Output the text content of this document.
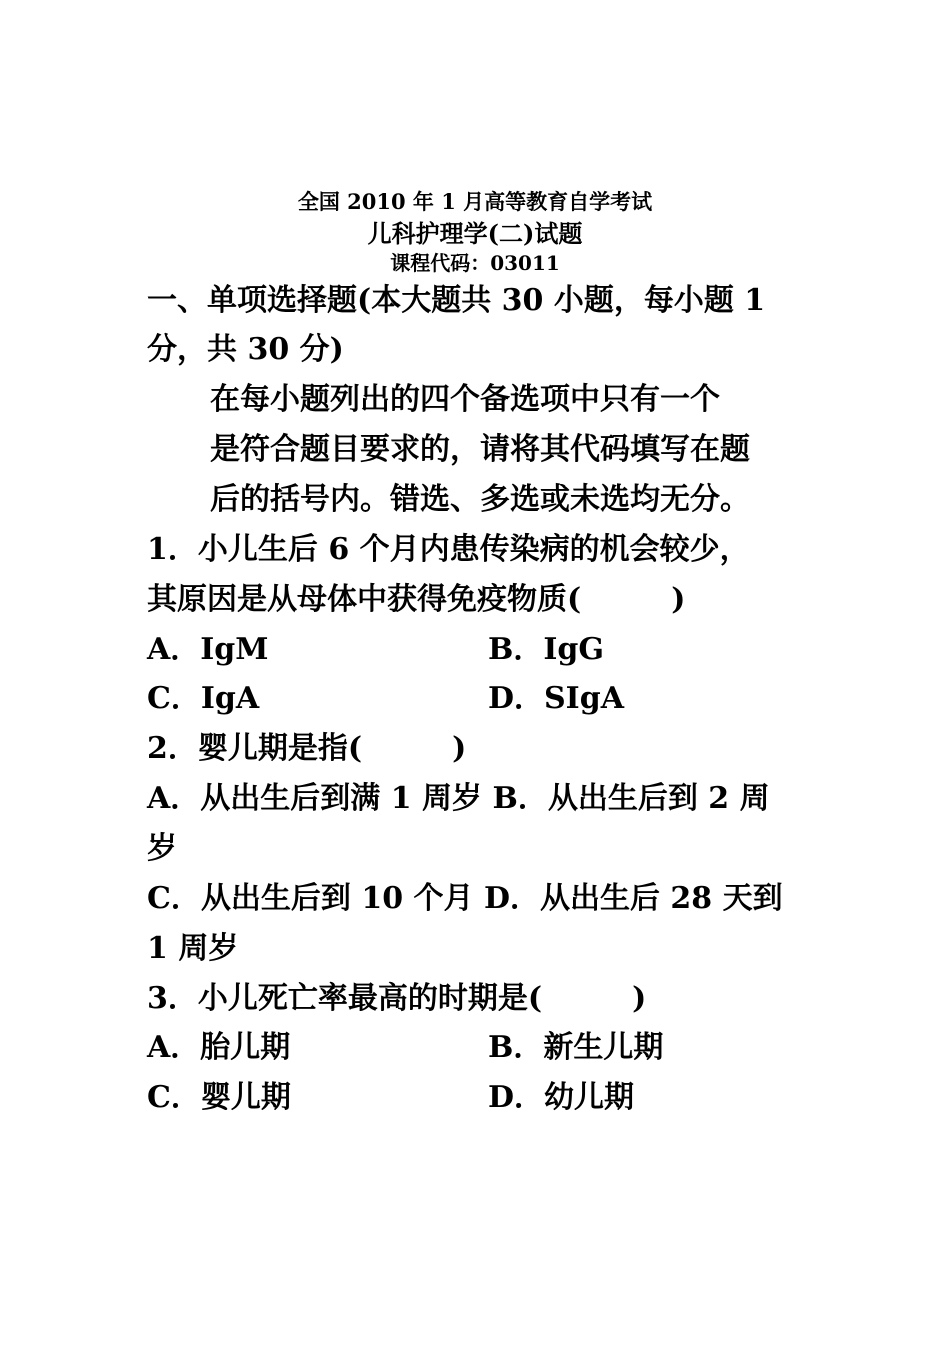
全国 2010 年 1 月高等教育自学考试
儿科护理学(二)试题
课程代码：03011
一、单项选择题(本大题共 30 小题，每小题 1
分，共 30 分)
在每小题列出的四个备选项中只有一个
是符合题目要求的，请将其代码填写在题
后的括号内。错选、多选或未选均无分。
1．小儿生后 6 个月内患传染病的机会较少，
其原因是从母体中获得免疫物质(	)
A．IgM	B．IgG
C．IgA	D．SIgA
2．婴儿期是指(	)
A．从出生后到满 1 周岁 B．从出生后到 2 周
岁
C．从出生后到 10 个月 D．从出生后 28 天到
1 周岁
3．小儿死亡率最高的时期是(	)
A．胎儿期	B．新生儿期
C．婴儿期	D．幼儿期
